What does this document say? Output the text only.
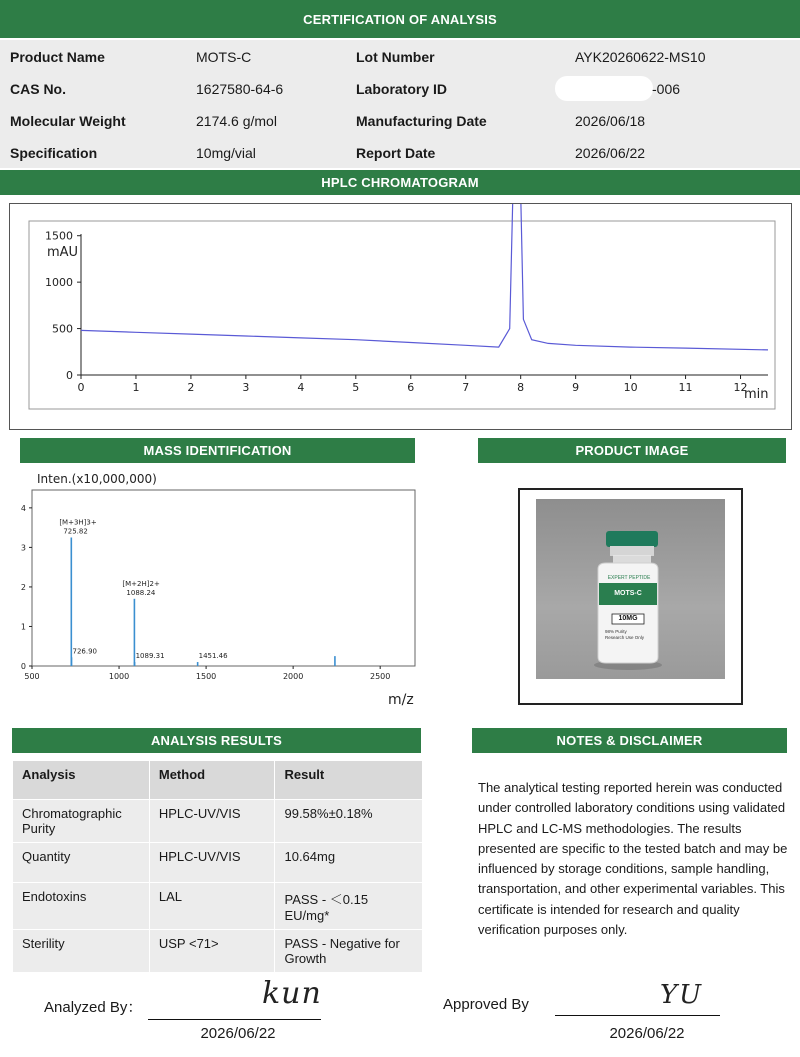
CERTIFICATION OF ANALYSIS
Product Name	MOTS-C	Lot Number	AYK20260622-MS10
CAS No.	1627580-64-6	Laboratory ID	-006
Molecular Weight	2174.6 g/mol	Manufacturing Date	2026/06/18
Specification	10mg/vial	Report Date	2026/06/22
HPLC CHROMATOGRAM
0	1	2	3	4	5	6	7	8	9	10	11	12
0
500
1000
1500
mAU
min
MASS IDENTIFICATION
Inten.(x10,000,000)
m/z
0
1
2
3
4
500	1000	1500	2000	2500
[M+3H]3+
725.82
726.90
[M+2H]2+
1088.24
1089.31	1451.46
PRODUCT IMAGE
EXPERT PEPTIDE
MOTS-C
10MG
98% Purity
Research Use Only
ANALYSIS RESULTS
Analysis	Method	Result
Chromatographic Purity	HPLC-UV/VIS	99.58%±0.18%
Quantity	HPLC-UV/VIS	10.64mg
Endotoxins	LAL	PASS - ＜0.15 EU/mg*
Sterility	USP <71>	PASS - Negative for Growth
NOTES & DISCLAIMER
The analytical testing reported herein was conducted under controlled laboratory conditions using validated HPLC and LC-MS methodologies. The results presented are specific to the tested batch and may be influenced by storage conditions, sample handling, transportation, and other experimental variables. This certificate is intended for research and quality verification purposes only.
Analyzed By：	kun
2026/06/22
Approved By	YU
2026/06/22
